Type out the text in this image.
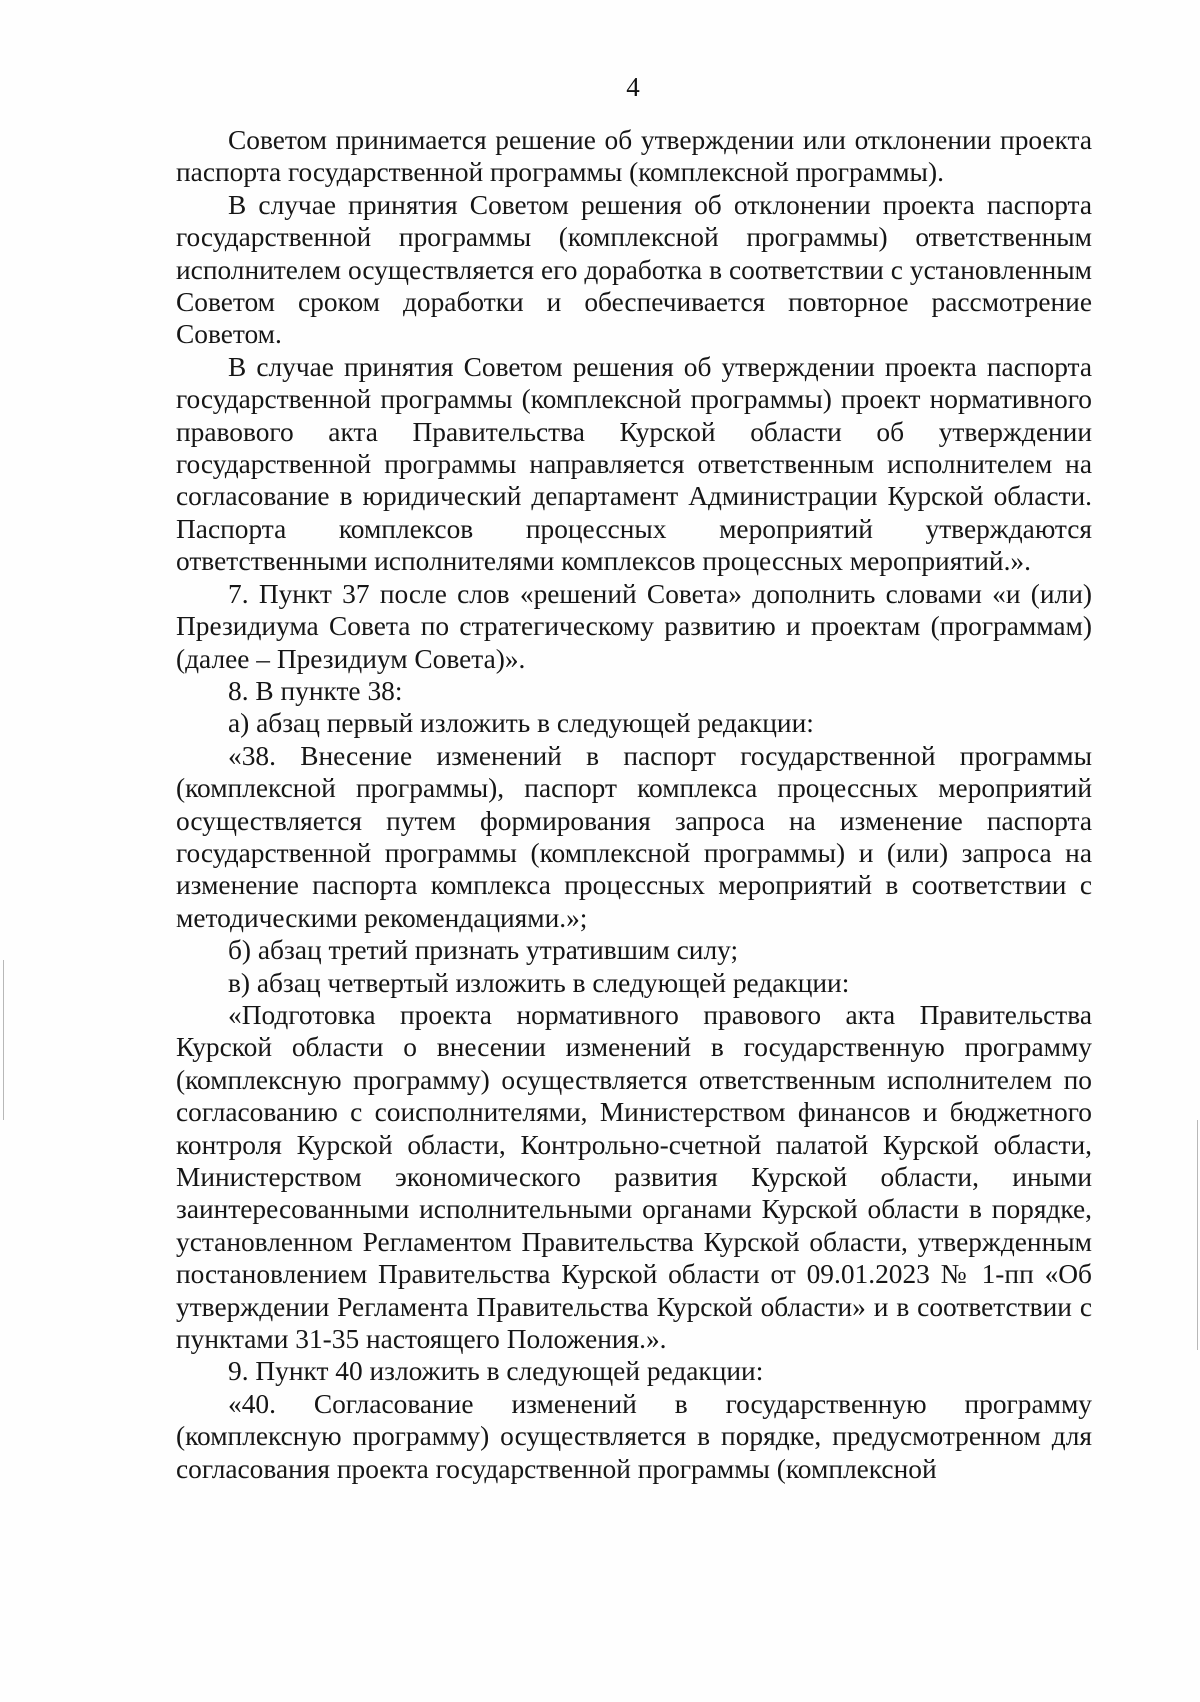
4

Советом принимается решение об утверждении или отклонении проекта паспорта государственной программы (комплексной программы).

В случае принятия Советом решения об отклонении проекта паспорта государственной программы (комплексной программы) ответственным исполнителем осуществляется его доработка в соответствии с установленным Советом сроком доработки и обеспечивается повторное рассмотрение Советом.

В случае принятия Советом решения об утверждении проекта паспорта государственной программы (комплексной программы) проект нормативного правового акта Правительства Курской области об утверждении государственной программы направляется ответственным исполнителем на согласование в юридический департамент Администрации Курской области. Паспорта комплексов процессных мероприятий утверждаются ответственными исполнителями комплексов процессных мероприятий.».

7. Пункт 37 после слов «решений Совета» дополнить словами «и (или) Президиума Совета по стратегическому развитию и проектам (программам) (далее – Президиум Совета)».

8. В пункте 38:

а) абзац первый изложить в следующей редакции:

«38. Внесение изменений в паспорт государственной программы (комплексной программы), паспорт комплекса процессных мероприятий осуществляется путем формирования запроса на изменение паспорта государственной программы (комплексной программы) и (или) запроса на изменение паспорта комплекса процессных мероприятий в соответствии с методическими рекомендациями.»;

б) абзац третий признать утратившим силу;

в) абзац четвертый изложить в следующей редакции:

«Подготовка проекта нормативного правового акта Правительства Курской области о внесении изменений в государственную программу (комплексную программу) осуществляется ответственным исполнителем по согласованию с соисполнителями, Министерством финансов и бюджетного контроля Курской области, Контрольно-счетной палатой Курской области, Министерством экономического развития Курской области, иными заинтересованными исполнительными органами Курской области в порядке, установленном Регламентом Правительства Курской области, утвержденным постановлением Правительства Курской области от 09.01.2023 № 1-пп «Об утверждении Регламента Правительства Курской области» и в соответствии с пунктами 31-35 настоящего Положения.».

9. Пункт 40 изложить в следующей редакции:

«40. Согласование изменений в государственную программу (комплексную программу) осуществляется в порядке, предусмотренном для согласования проекта государственной программы (комплексной
